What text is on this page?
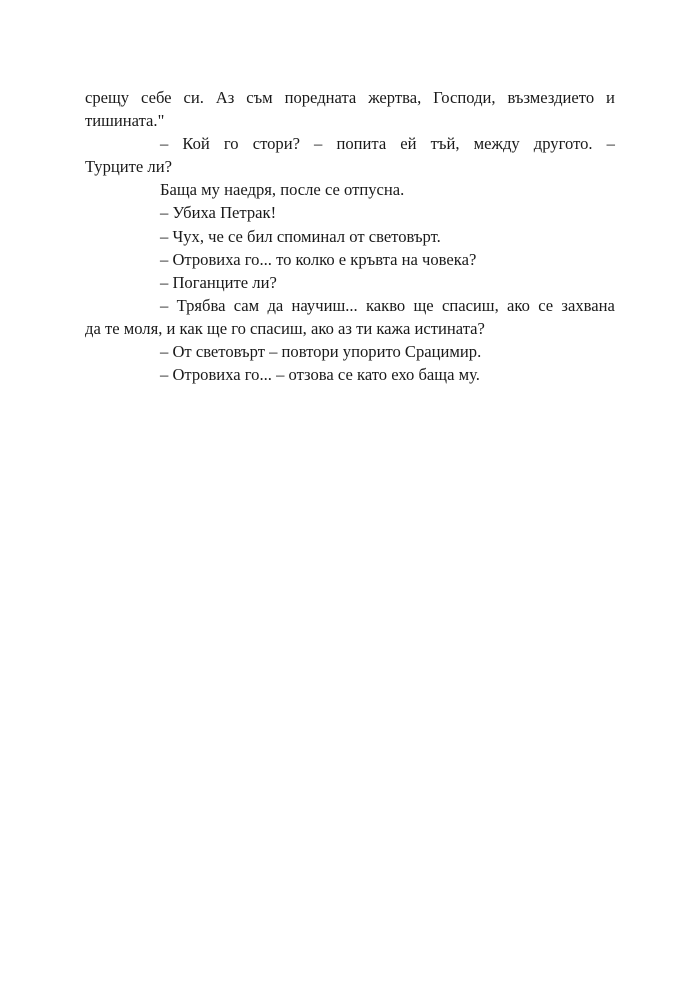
срещу себе си. Аз съм поредната жертва, Господи, възмездието и
тишината."
– Кой го стори? – попита ей тъй, между другото. –
Турците ли?
Баща му наедря, после се отпусна.
– Убиха Петрак!
– Чух, че се бил споминал от световърт.
– Отровиха го... то колко е кръвта на човека?
– Поганците ли?
– Трябва сам да научиш... какво ще спасиш, ако се захвана
да те моля, и как ще го спасиш, ако аз ти кажа истината?
– От световърт – повтори упорито Срацимир.
– Отровиха го... – отзова се като ехо баща му.
